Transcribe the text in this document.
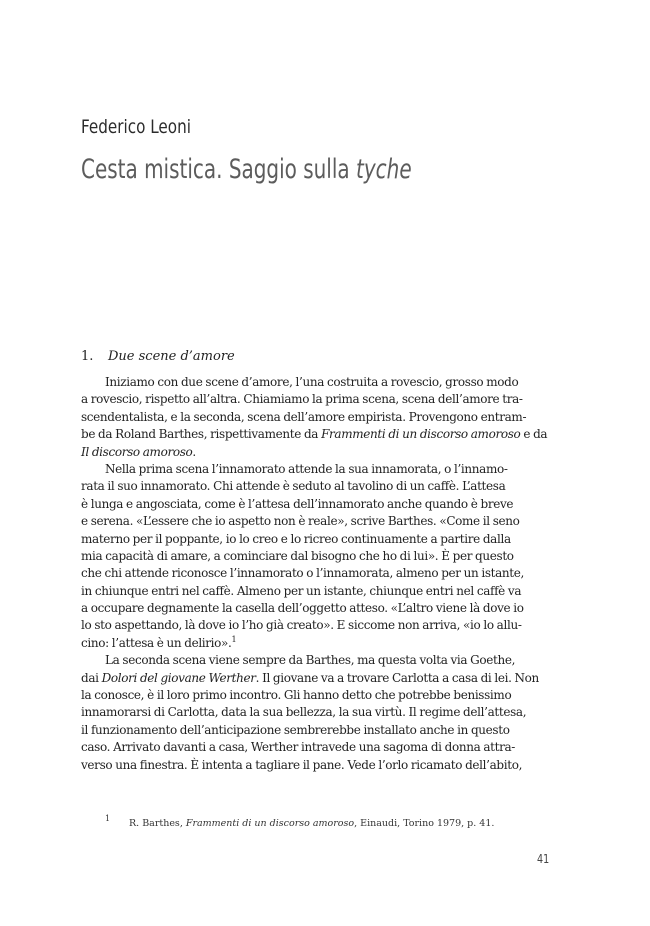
Federico Leoni
Cesta mistica. Saggio sulla tyche
1. Due scene d’amore
Iniziamo con due scene d’amore, l’una costruita a rovescio, grosso modo
a rovescio, rispetto all’altra. Chiamiamo la prima scena, scena dell’amore tra-
scendentalista, e la seconda, scena dell’amore empirista. Provengono entram-
be da Roland Barthes, rispettivamente da Frammenti di un discorso amoroso e da
Il discorso amoroso.
Nella prima scena l’innamorato attende la sua innamorata, o l’innamo-
rata il suo innamorato. Chi attende è seduto al tavolino di un caffè. L’attesa
è lunga e angosciata, come è l’attesa dell’innamorato anche quando è breve
e serena. «L’essere che io aspetto non è reale», scrive Barthes. «Come il seno
materno per il poppante, io lo creo e lo ricreo continuamente a partire dalla
mia capacità di amare, a cominciare dal bisogno che ho di lui». È per questo
che chi attende riconosce l’innamorato o l’innamorata, almeno per un istante,
in chiunque entri nel caffè. Almeno per un istante, chiunque entri nel caffè va
a occupare degnamente la casella dell’oggetto atteso. «L’altro viene là dove io
lo sto aspettando, là dove io l’ho già creato». E siccome non arriva, «io lo allu-
cino: l’attesa è un delirio».$^1$
La seconda scena viene sempre da Barthes, ma questa volta via Goethe,
dai Dolori del giovane Werther. Il giovane va a trovare Carlotta a casa di lei. Non
la conosce, è il loro primo incontro. Gli hanno detto che potrebbe benissimo
innamorarsi di Carlotta, data la sua bellezza, la sua virtù. Il regime dell’attesa,
il funzionamento dell’anticipazione sembrerebbe installato anche in questo
caso. Arrivato davanti a casa, Werther intravede una sagoma di donna attra-
verso una finestra. È intenta a tagliare il pane. Vede l’orlo ricamato dell’abito,
1 R. Barthes, Frammenti di un discorso amoroso, Einaudi, Torino 1979, p. 41.
41
